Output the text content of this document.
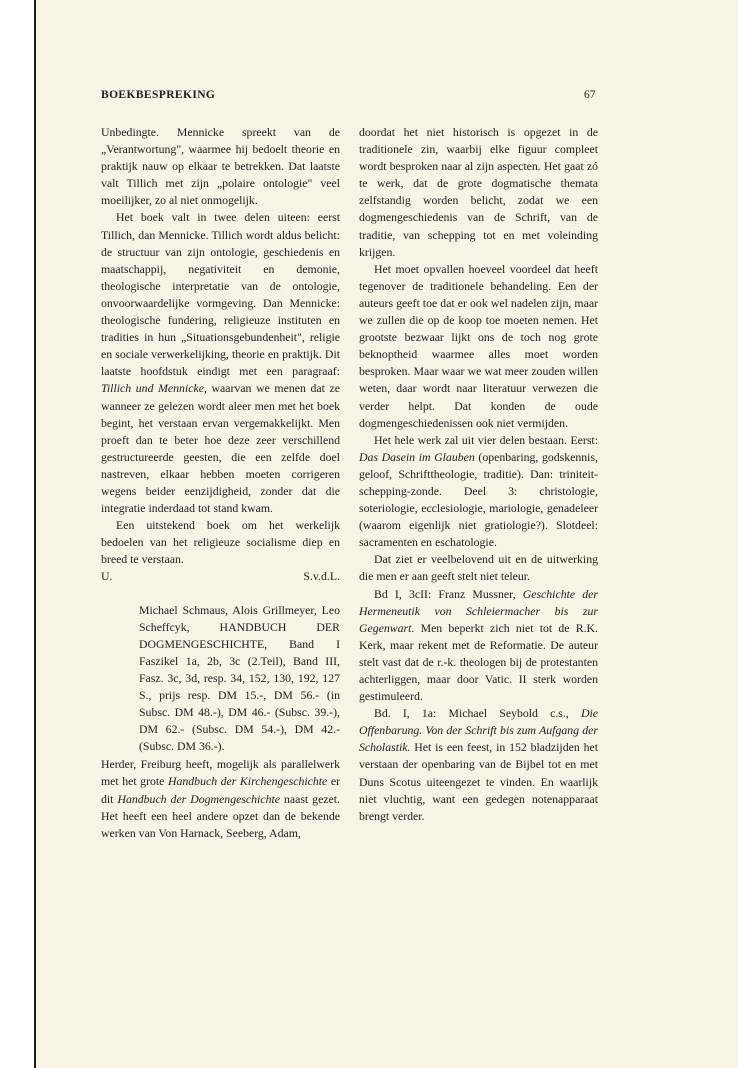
BOEKBESPREKING	67

Unbedingte. Mennicke spreekt van de „Verantwortung", waarmee hij bedoelt theorie en praktijk nauw op elkaar te betrekken. Dat laatste valt Tillich met zijn „polaire ontologie" veel moeilijker, zo al niet onmogelijk.

Het boek valt in twee delen uiteen: eerst Tillich, dan Mennicke. Tillich wordt aldus belicht: de structuur van zijn ontologie, geschiedenis en maatschappij, negativiteit en demonie, theologische interpretatie van de ontologie, onvoorwaardelijke vormgeving. Dan Mennicke: theologische fundering, religieuze instituten en tradities in hun „Situationsgebundenheit", religie en sociale verwerkelijking, theorie en praktijk. Dit laatste hoofdstuk eindigt met een paragraaf: Tillich und Mennicke, waarvan we menen dat ze wanneer ze gelezen wordt aleer men met het boek begint, het verstaan ervan vergemakkelijkt. Men proeft dan te beter hoe deze zeer verschillend gestructureerde geesten, die een zelfde doel nastreven, elkaar hebben moeten corrigeren wegens beider eenzijdigheid, zonder dat die integratie inderdaad tot stand kwam.

Een uitstekend boek om het werkelijk bedoelen van het religieuze socialisme diep en breed te verstaan.

U.	S.v.d.L.

Michael Schmaus, Alois Grillmeyer, Leo Scheffcyk, HANDBUCH DER DOGMENGESCHICHTE, Band I Faszikel 1a, 2b, 3c (2.Teil), Band III, Fasz. 3c, 3d, resp. 34, 152, 130, 192, 127 S., prijs resp. DM 15.-, DM 56.- (in Subsc. DM 48.-), DM 46.- (Subsc. 39.-), DM 62.- (Subsc. DM 54.-), DM 42.- (Subsc. DM 36.-).

Herder, Freiburg heeft, mogelijk als parallelwerk met het grote Handbuch der Kirchengeschichte er dit Handbuch der Dogmengeschichte naast gezet. Het heeft een heel andere opzet dan de bekende werken van Von Harnack, Seeberg, Adam,

doordat het niet historisch is opgezet in de traditionele zin, waarbij elke figuur compleet wordt besproken naar al zijn aspecten. Het gaat zó te werk, dat de grote dogmatische themata zelfstandig worden belicht, zodat we een dogmengeschiedenis van de Schrift, van de traditie, van schepping tot en met voleinding krijgen.

Het moet opvallen hoeveel voordeel dat heeft tegenover de traditionele behandeling. Een der auteurs geeft toe dat er ook wel nadelen zijn, maar we zullen die op de koop toe moeten nemen. Het grootste bezwaar lijkt ons de toch nog grote beknoptheid waarmee alles moet worden besproken. Maar waar we wat meer zouden willen weten, daar wordt naar literatuur verwezen die verder helpt. Dat konden de oude dogmengeschiedenissen ook niet vermijden.

Het hele werk zal uit vier delen bestaan. Eerst: Das Dasein im Glauben (openbaring, godskennis, geloof, Schrifttheologie, traditie). Dan: triniteit-schepping-zonde. Deel 3: christologie, soteriologie, ecclesiologie, mariologie, genadeleer (waarom eigenlijk niet gratiologie?). Slotdeel: sacramenten en eschatologie.

Dat ziet er veelbelovend uit en de uitwerking die men er aan geeft stelt niet teleur.

Bd I, 3cII: Franz Mussner, Geschichte der Hermeneutik von Schleiermacher bis zur Gegenwart. Men beperkt zich niet tot de R.K. Kerk, maar rekent met de Reformatie. De auteur stelt vast dat de r.-k. theologen bij de protestanten achterliggen, maar door Vatic. II sterk worden gestimuleerd.

Bd. I, 1a: Michael Seybold c.s., Die Offenbarung. Von der Schrift bis zum Aufgang der Scholastik. Het is een feest, in 152 bladzijden het verstaan der openbaring van de Bijbel tot en met Duns Scotus uiteengezet te vinden. En waarlijk niet vluchtig, want een gedegen notenapparaat brengt verder.
